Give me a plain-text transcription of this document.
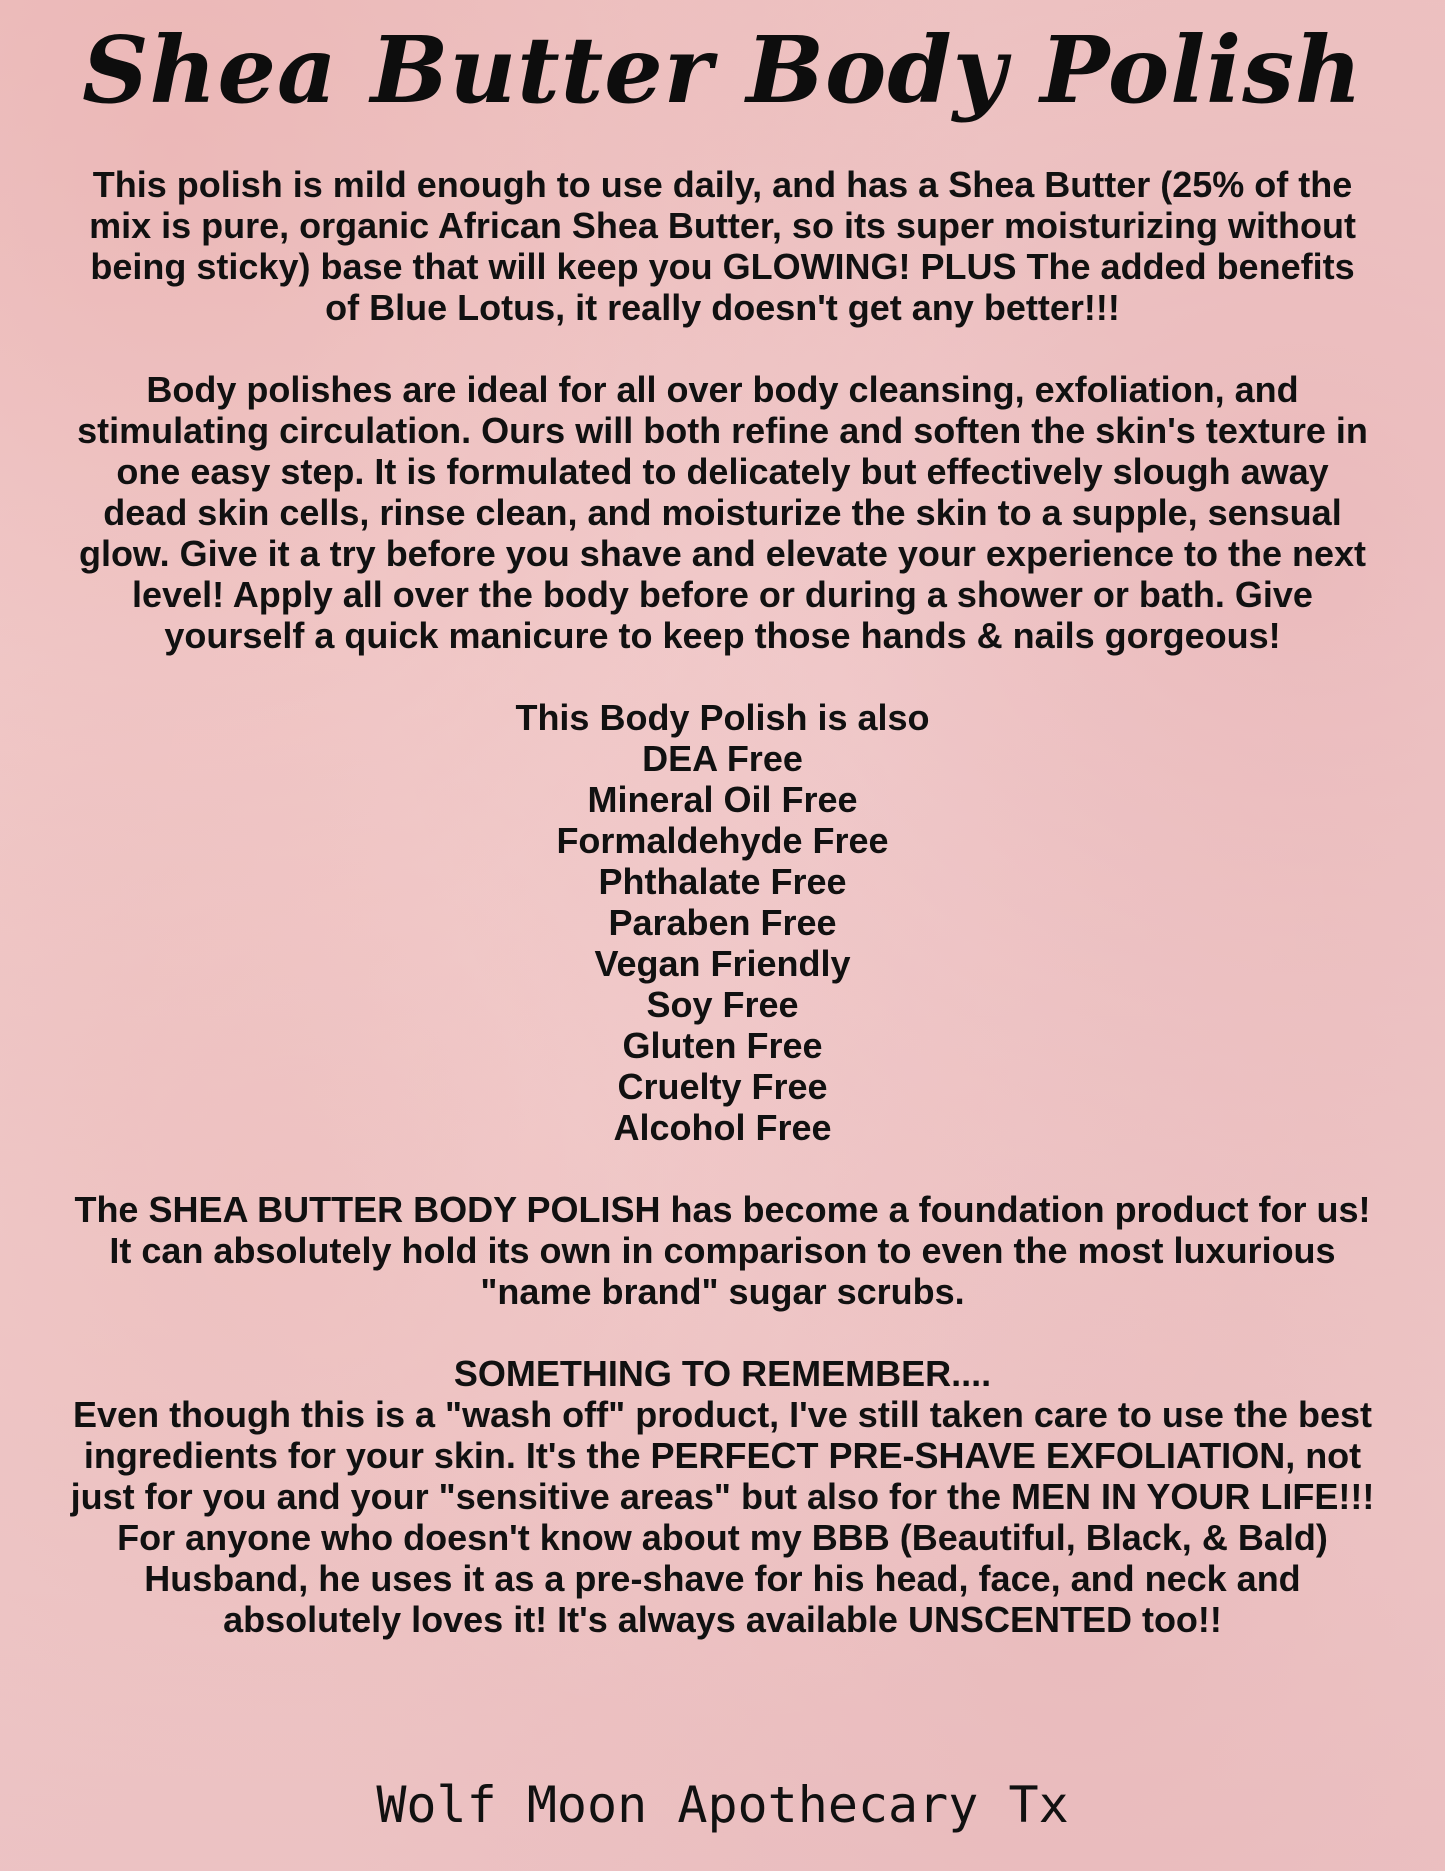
Shea Butter Body Polish

This polish is mild enough to use daily, and has a Shea Butter (25% of the mix is pure, organic African Shea Butter, so its super moisturizing without being sticky) base that will keep you GLOWING! PLUS The added benefits of Blue Lotus, it really doesn't get any better!!!

Body polishes are ideal for all over body cleansing, exfoliation, and stimulating circulation. Ours will both refine and soften the skin's texture in one easy step. It is formulated to delicately but effectively slough away dead skin cells, rinse clean, and moisturize the skin to a supple, sensual glow. Give it a try before you shave and elevate your experience to the next level! Apply all over the body before or during a shower or bath. Give yourself a quick manicure to keep those hands & nails gorgeous!

This Body Polish is also
DEA Free
Mineral Oil Free
Formaldehyde Free
Phthalate Free
Paraben Free
Vegan Friendly
Soy Free
Gluten Free
Cruelty Free
Alcohol Free

The SHEA BUTTER BODY POLISH has become a foundation product for us! It can absolutely hold its own in comparison to even the most luxurious "name brand" sugar scrubs.

SOMETHING TO REMEMBER....
Even though this is a "wash off" product, I've still taken care to use the best ingredients for your skin. It's the PERFECT PRE-SHAVE EXFOLIATION, not just for you and your "sensitive areas" but also for the MEN IN YOUR LIFE!!! For anyone who doesn't know about my BBB (Beautiful, Black, & Bald) Husband, he uses it as a pre-shave for his head, face, and neck and absolutely loves it! It's always available UNSCENTED too!!
Wolf Moon Apothecary Tx
